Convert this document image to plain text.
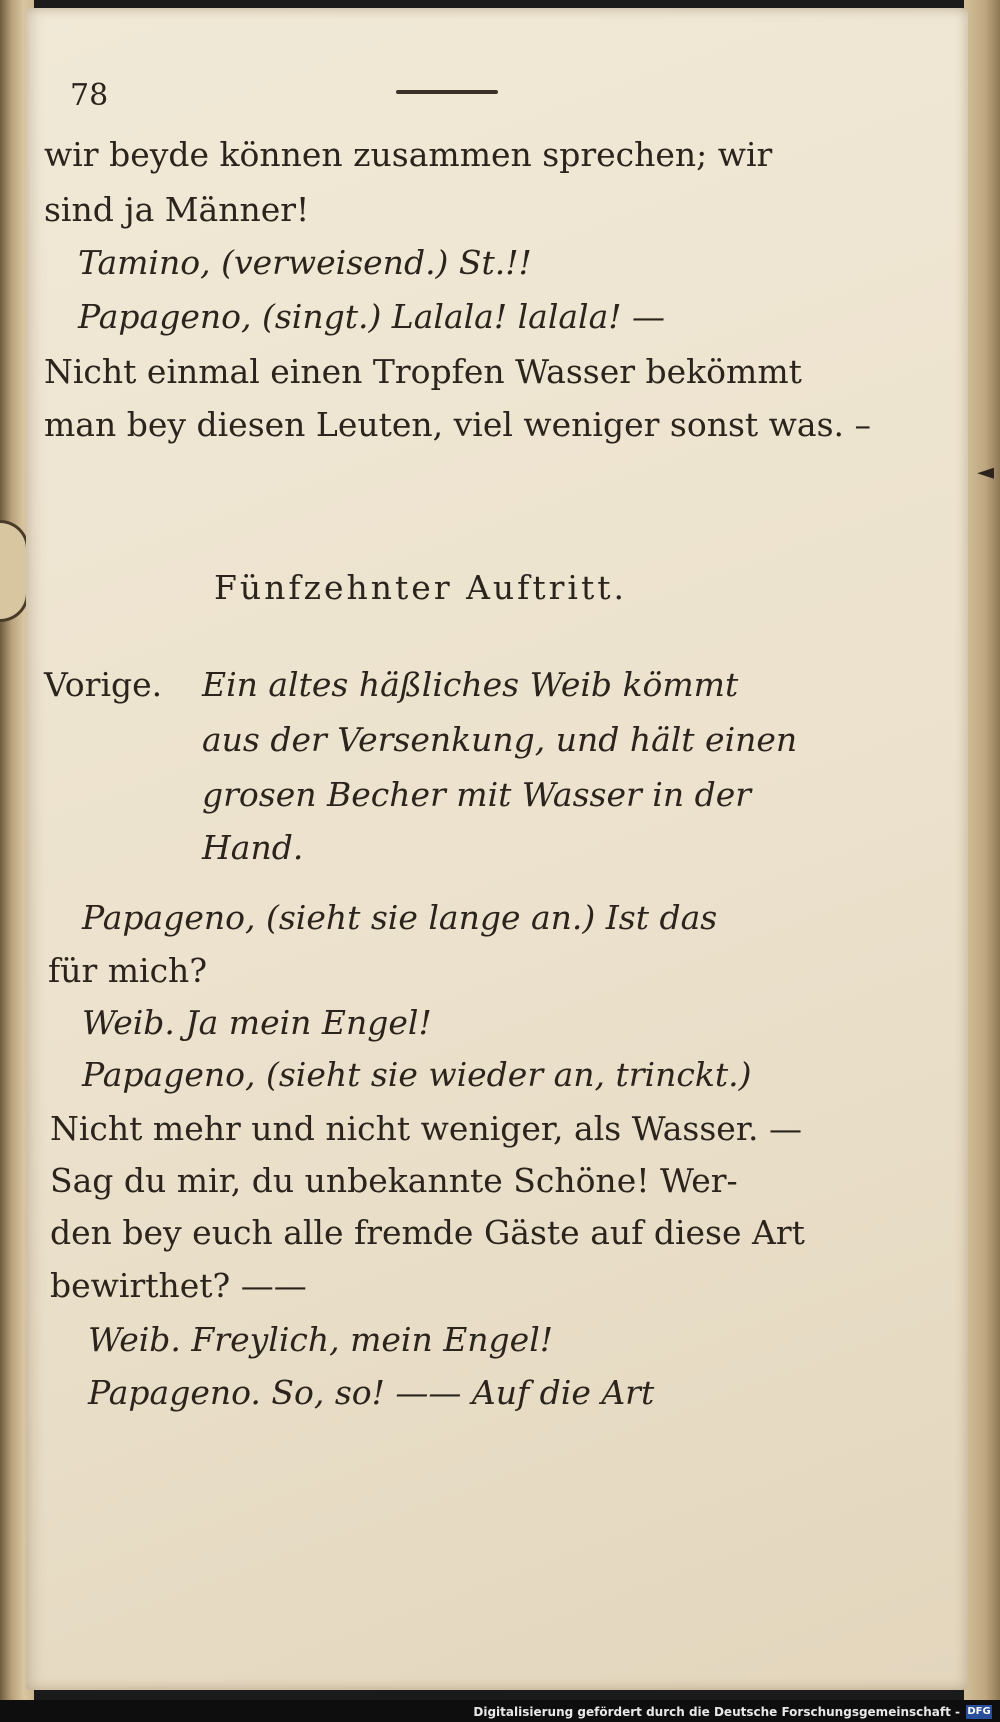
◄
78
wir beyde können zusammen sprechen; wir
sind ja Männer!
Tamino, (verweisend.) St.!!
Papageno, (singt.) Lalala! lalala! —
Nicht einmal einen Tropfen Wasser bekömmt
man bey diesen Leuten, viel weniger sonst was. –
Fünfzehnter Auftritt.
Vorige. Ein altes häßliches Weib kömmt
aus der Versenkung, und hält einen
grosen Becher mit Wasser in der
Hand.
Papageno, (sieht sie lange an.) Ist das
für mich?
Weib. Ja mein Engel!
Papageno, (sieht sie wieder an, trinckt.)
Nicht mehr und nicht weniger, als Wasser. —
Sag du mir, du unbekannte Schöne! Wer-
den bey euch alle fremde Gäste auf diese Art
bewirthet? ——
Weib. Freylich, mein Engel!
Papageno. So, so! —— Auf die Art
Digitalisierung gefördert durch die Deutsche Forschungsgemeinschaft - DFG
